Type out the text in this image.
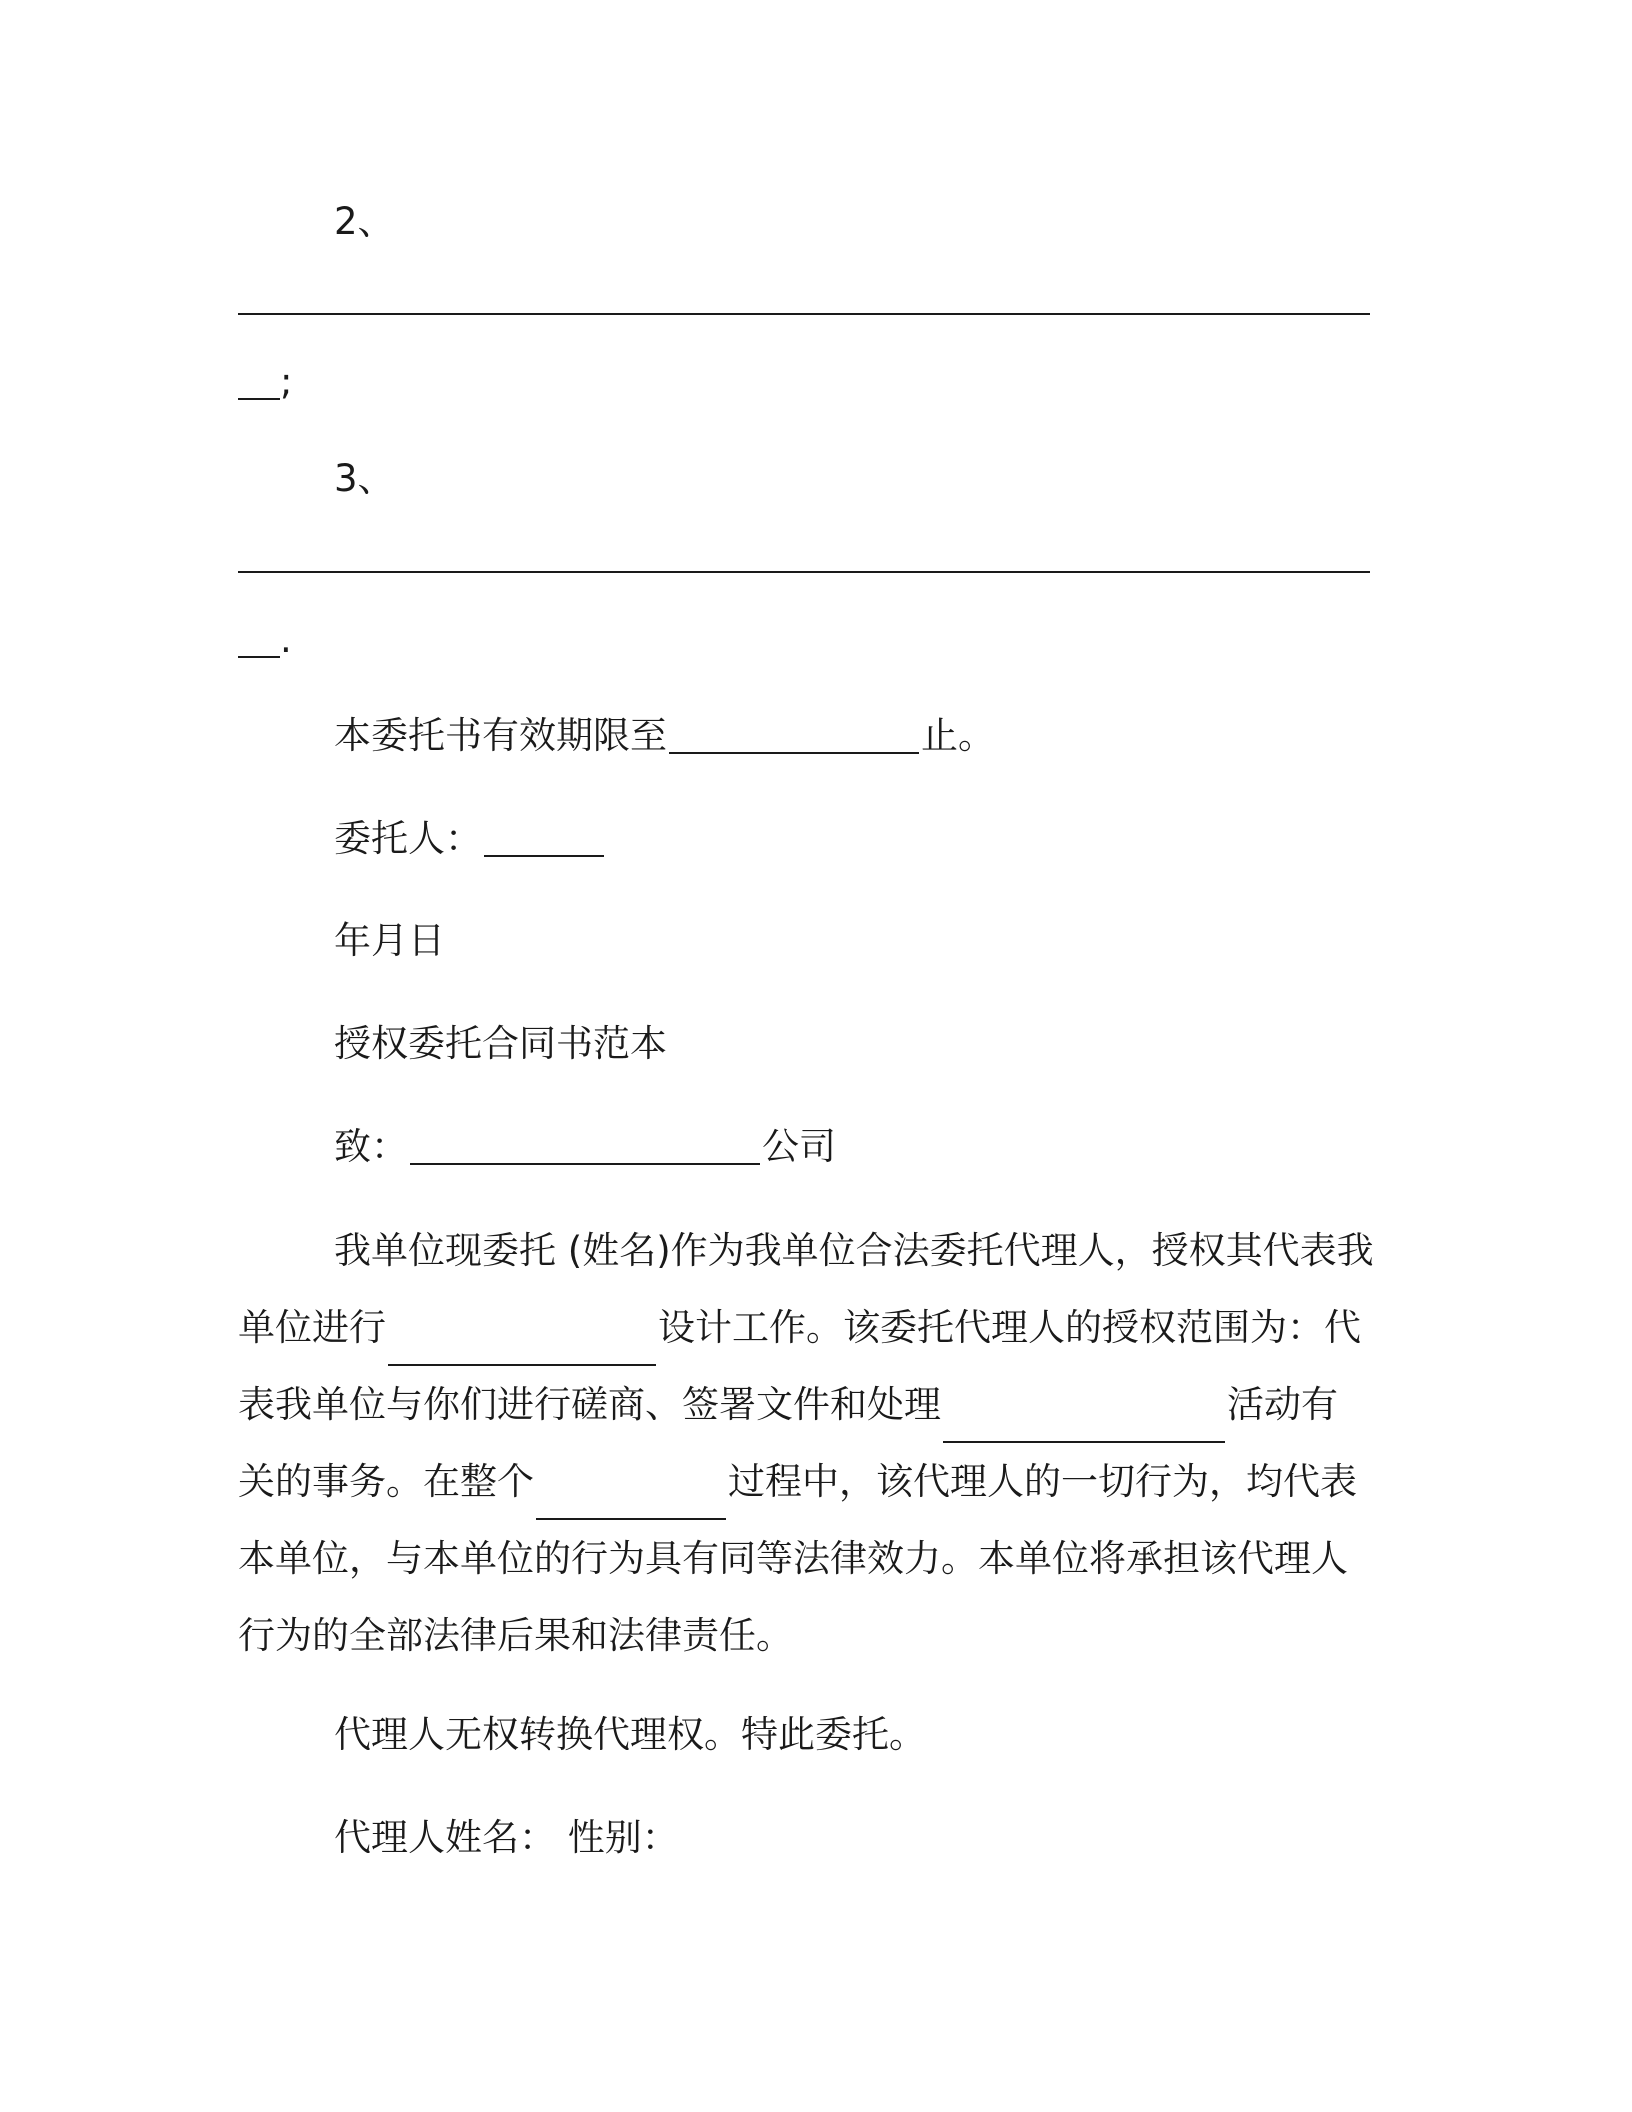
2、
;
3、
.
本委托书有效期限至	止。
委托人：
年月日
授权委托合同书范本
致：	公司
我单位现委托 (姓名)作为我单位合法委托代理人，授权其代表我
单位进行	设计工作。该委托代理人的授权范围为：代
表我单位与你们进行磋商、签署文件和处理	活动有
关的事务。在整个	过程中，该代理人的一切行为，均代表
本单位，与本单位的行为具有同等法律效力。本单位将承担该代理人
行为的全部法律后果和法律责任。
代理人无权转换代理权。特此委托。
代理人姓名： 性别：
